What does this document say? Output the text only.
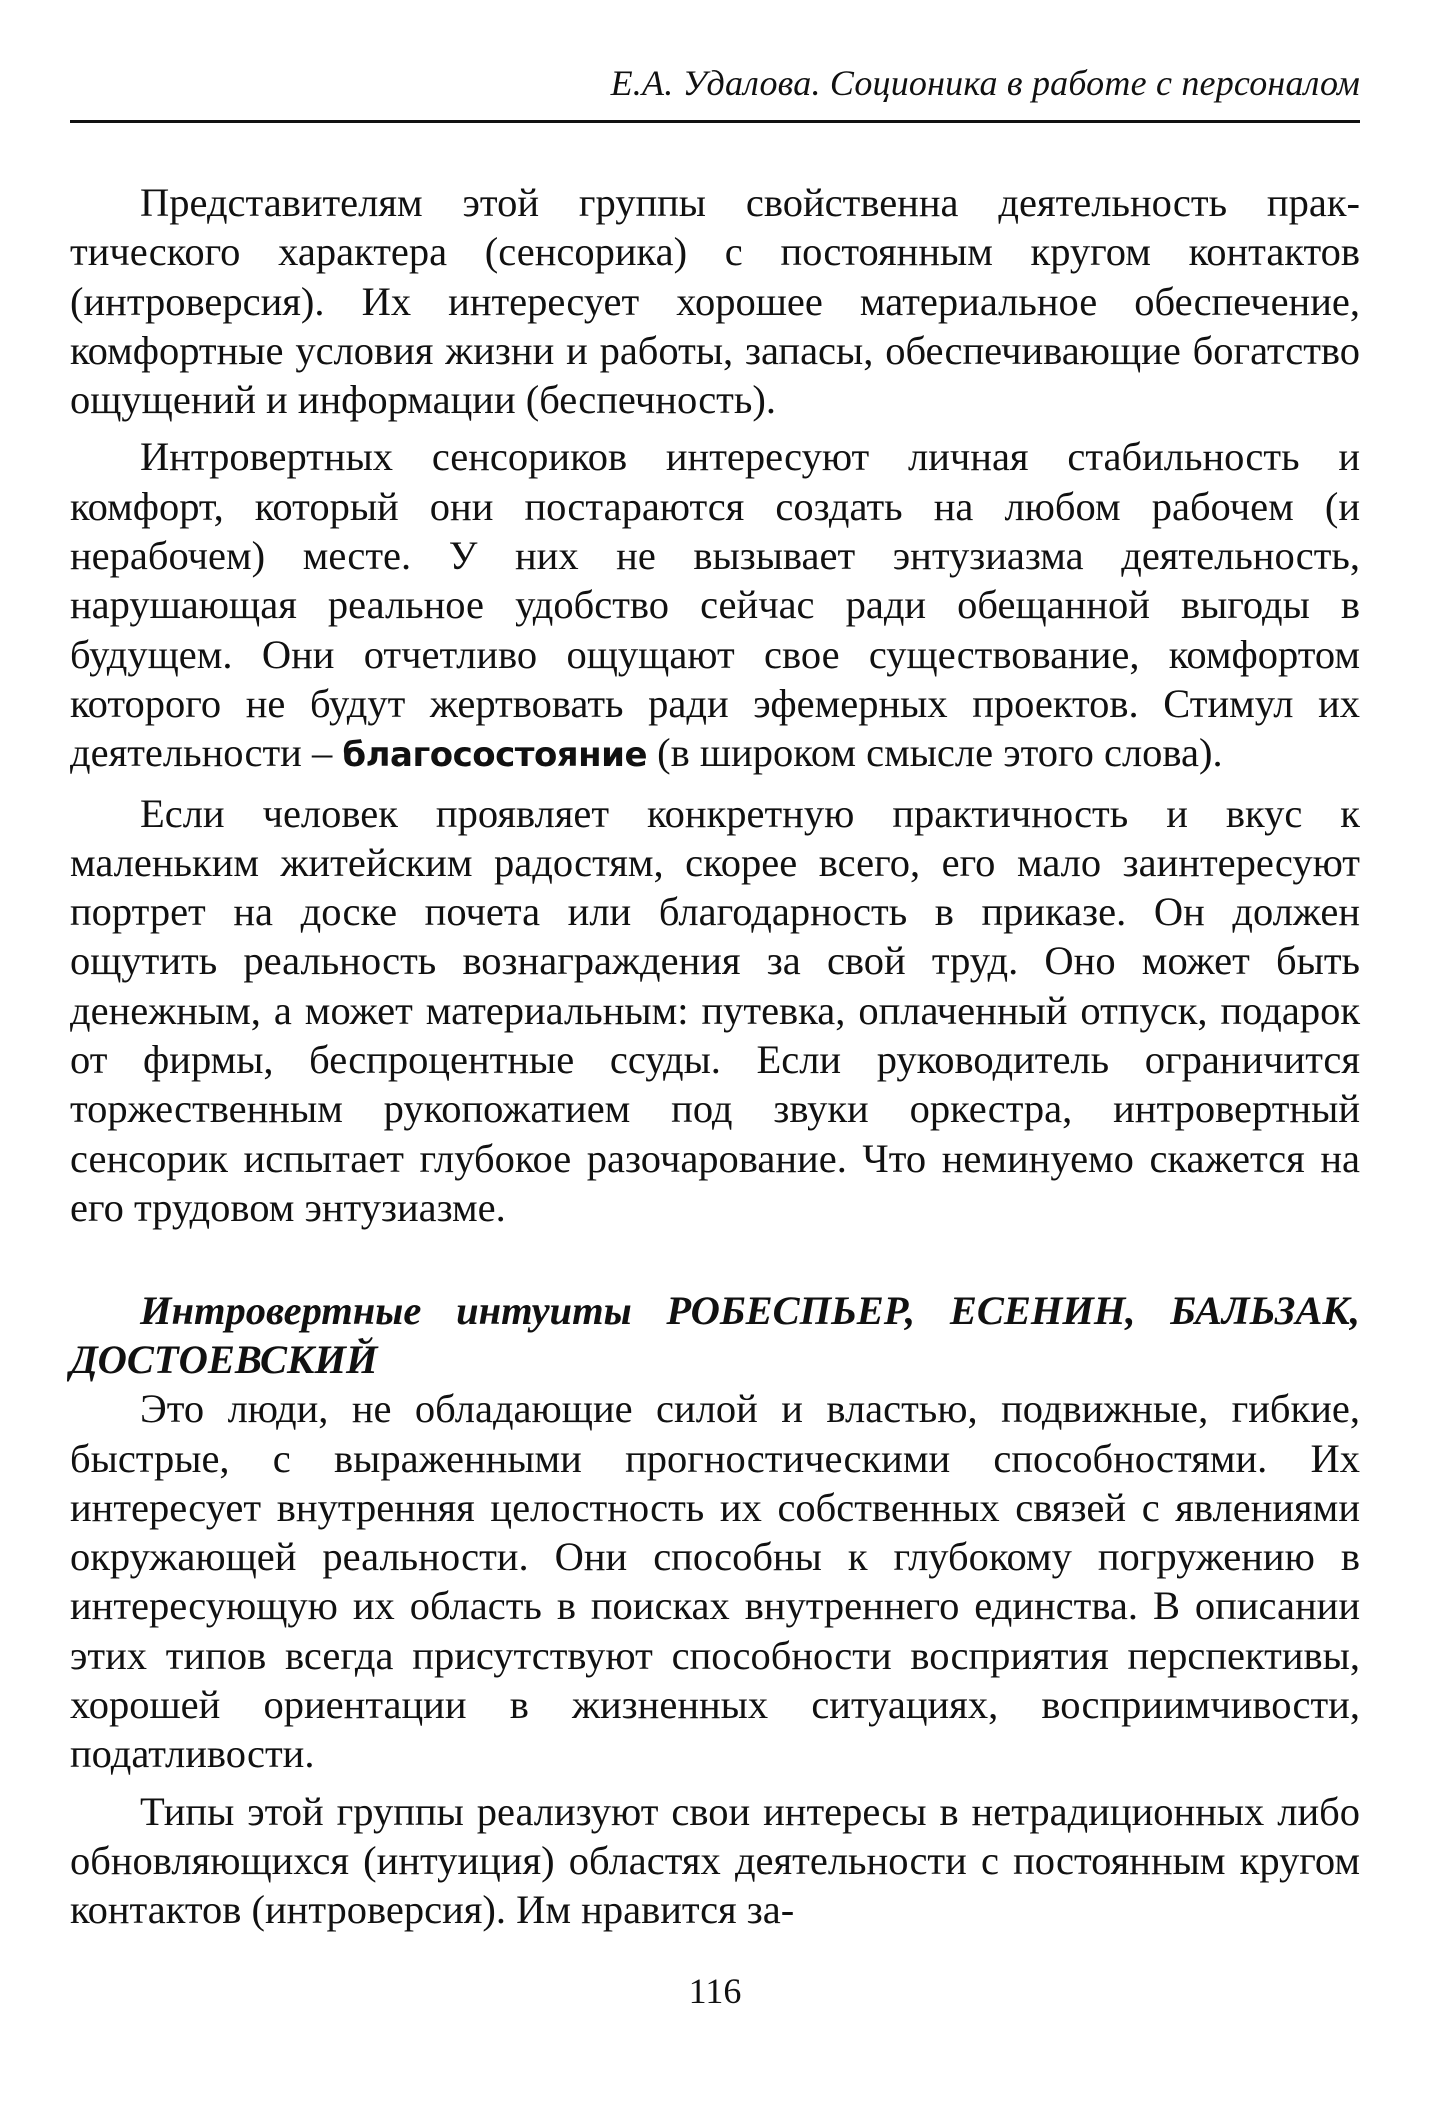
Е.А. Удалова. Соционика в работе с персоналом

Представителям этой группы свойственна деятельность практического характера (сенсорика) с постоянным кругом контактов (интроверсия). Их интересует хорошее материальное обеспечение, комфортные условия жизни и работы, запасы, обеспечивающие богатство ощущений и информации (беспечность).

Интровертных сенсориков интересуют личная стабильность и комфорт, который они постараются создать на любом рабочем (и нерабочем) месте. У них не вызывает энтузиазма деятельность, нарушающая реальное удобство сейчас ради обещанной выгоды в будущем. Они отчетливо ощущают свое существование, комфортом которого не будут жертвовать ради эфемерных проектов. Стимул их деятельности – благосостояние (в широком смысле этого слова).

Если человек проявляет конкретную практичность и вкус к маленьким житейским радостям, скорее всего, его мало заинтересуют портрет на доске почета или благодарность в приказе. Он должен ощутить реальность вознаграждения за свой труд. Оно может быть денежным, а может материальным: путевка, оплаченный отпуск, подарок от фирмы, беспроцентные ссуды. Если руководитель ограничится торжественным рукопожатием под звуки оркестра, интровертный сенсорик испытает глубокое разочарование. Что неминуемо скажется на его трудовом энтузиазме.

Интровертные интуиты РОБЕСПЬЕР, ЕСЕНИН, БАЛЬЗАК, ДОСТОЕВСКИЙ

Это люди, не обладающие силой и властью, подвижные, гибкие, быстрые, с выраженными прогностическими способностями. Их интересует внутренняя целостность их собственных связей с явлениями окружающей реальности. Они способны к глубокому погружению в интересующую их область в поисках внутреннего единства. В описании этих типов всегда присутствуют способности восприятия перспективы, хорошей ориентации в жизненных ситуациях, восприимчивости, податливости.

Типы этой группы реализуют свои интересы в нетрадиционных либо обновляющихся (интуиция) областях деятельности с постоянным кругом контактов (интроверсия). Им нравится за-

116
